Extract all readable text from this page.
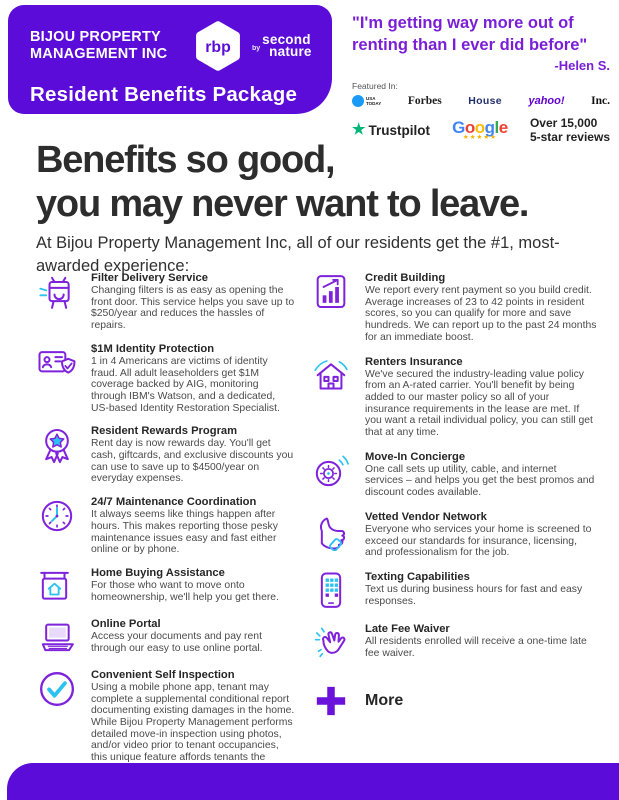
BIJOU PROPERTY MANAGEMENT INC	rbp	$^{by}$second
nature
Resident Benefits Package
"I'm getting way more out of
renting than I ever did before"
-Helen S.
Featured In:
USA
TODAY Forbes	House yahoo! Inc.
★ Trustpilot Google
★★★★★
Over 15,000
5-star reviews
Benefits so good,
you may never want to leave.
At Bijou Property Management Inc, all of our residents get the #1, most-awarded experience:
Filter Delivery Service
Changing filters is as easy as opening the front door. This service helps you save up to $250/year and reduces the hassles of repairs.
$1M Identity Protection
1 in 4 Americans are victims of identity fraud. All adult leaseholders get $1M coverage backed by AIG, monitoring through IBM's Watson, and a dedicated, US-based Identity Restoration Specialist.
Resident Rewards Program
Rent day is now rewards day. You'll get cash, giftcards, and exclusive discounts you can use to save up to $4500/year on everyday expenses.
24/7 Maintenance Coordination
It always seems like things happen after hours. This makes reporting those pesky maintenance issues easy and fast either online or by phone.
Home Buying Assistance
For those who want to move onto homeownership, we'll help you get there.
Online Portal
Access your documents and pay rent through our easy to use online portal.
Convenient Self Inspection
Using a mobile phone app, tenant may complete a supplemental conditional report documenting existing damages in the home. While Bijou Property Management performs detailed move-in inspection using photos, and/or video prior to tenant occupancies, this unique feature affords tenants the
Credit Building
We report every rent payment so you build credit. Average increases of 23 to 42 points in resident scores, so you can qualify for more and save hundreds. We can report up to the past 24 months for an immediate boost.
Renters Insurance
We've secured the industry-leading value policy from an A-rated carrier. You'll benefit by being added to our master policy so all of your insurance requirements in the lease are met. If you want a retail individual policy, you can still get that at any time.
Move-In Concierge
One call sets up utility, cable, and internet services – and helps you get the best promos and discount codes available.
Vetted Vendor Network
Everyone who services your home is screened to exceed our standards for insurance, licensing, and professionalism for the job.
Texting Capabilities
Text us during business hours for fast and easy responses.
Late Fee Waiver
All residents enrolled will receive a one-time late fee waiver.
More
